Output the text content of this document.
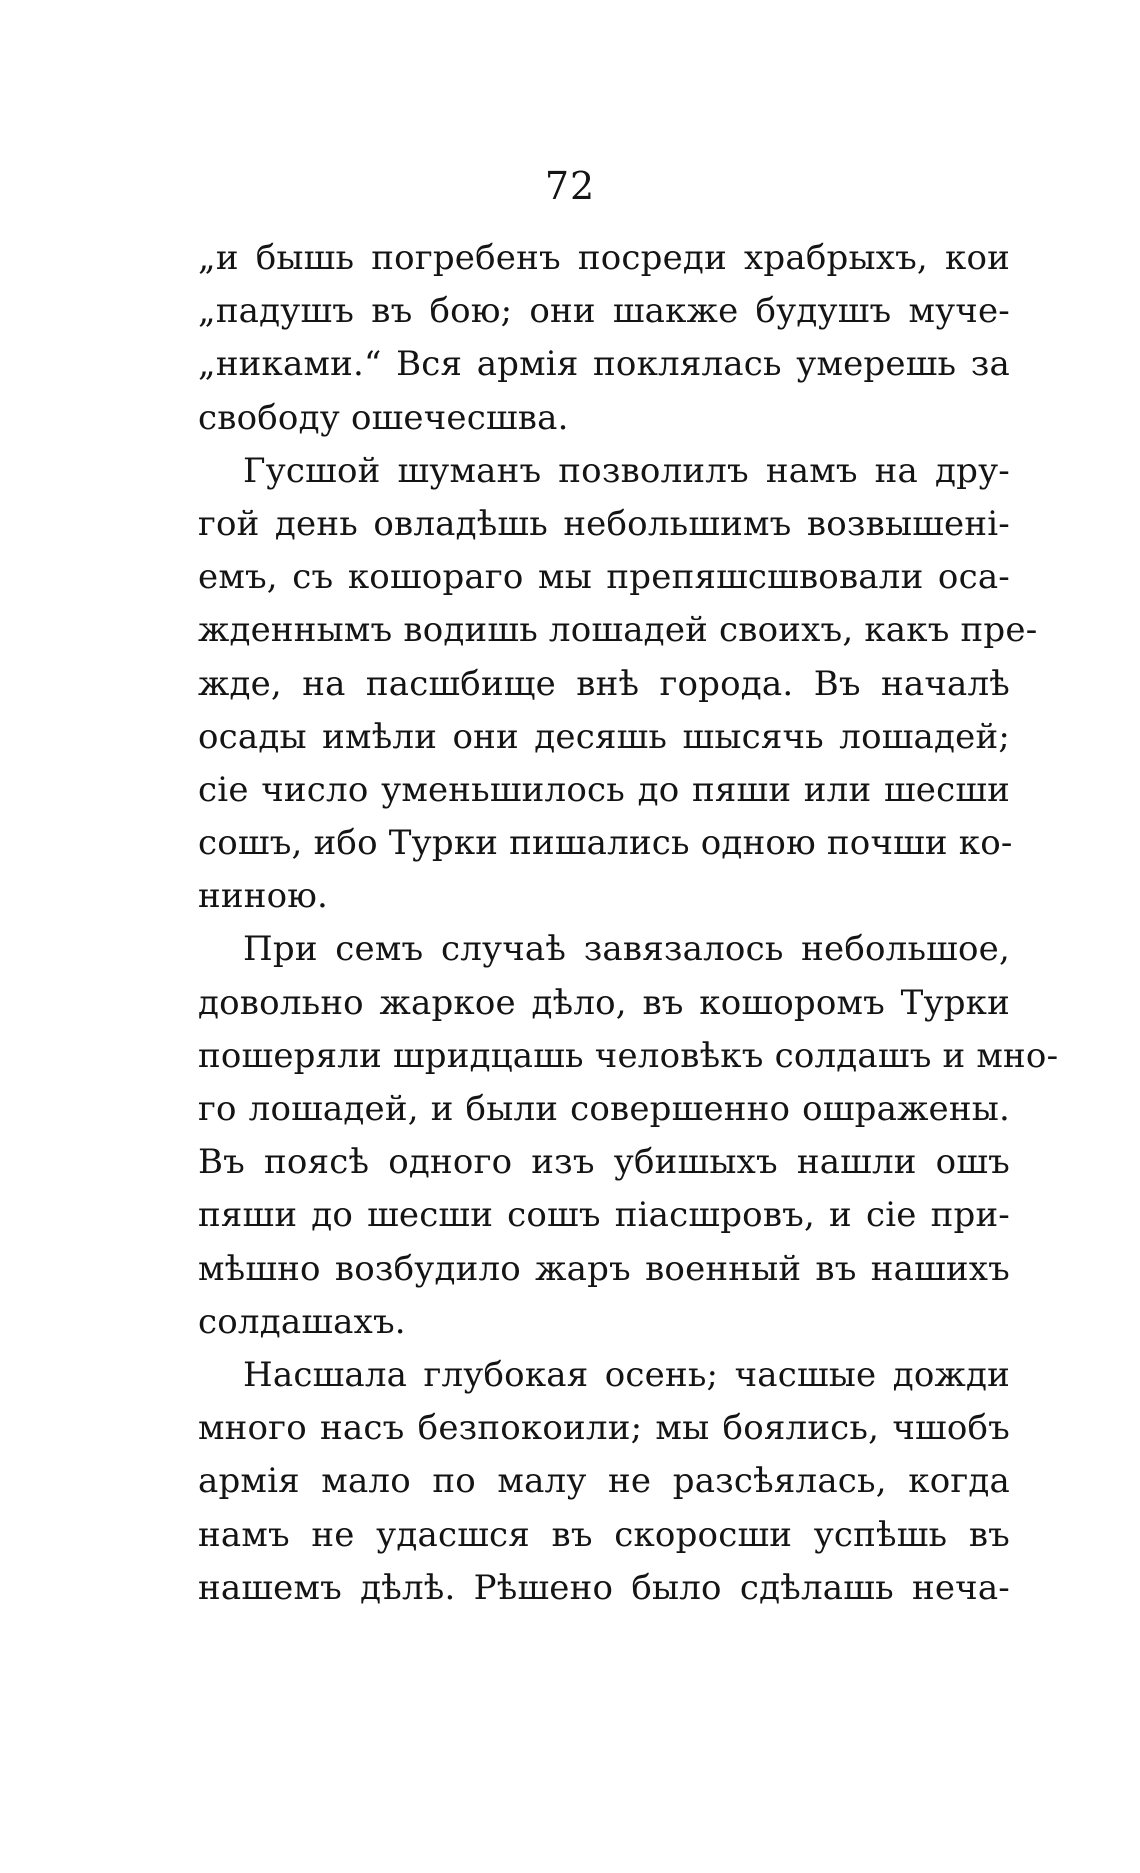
72
„и бышь погребенъ посреди храбрыхъ, кои
„падушъ въ бою; они шакже будушъ муче-
„никами.“ Вся армія поклялась умерешь за
свободу ошечесшва.
Гусшой шуманъ позволилъ намъ на дру-
гой день овладѣшь небольшимъ возвышені-
емъ, съ кошораго мы препяшсшвовали оса-
жденнымъ водишь лошадей своихъ, какъ пре-
жде, на пасшбище внѣ города. Въ началѣ
осады имѣли они десяшь шысячь лошадей;
сіе число уменьшилось до пяши или шесши
сошъ, ибо Турки пишались одною почши ко-
ниною.
При семъ случаѣ завязалось небольшое,
довольно жаркое дѣло, въ кошоромъ Турки
пошеряли шридцашь человѣкъ солдашъ и мно-
го лошадей, и были совершенно ошражены.
Въ поясѣ одного изъ убишыхъ нашли ошъ
пяши до шесши сошъ піасшровъ, и сіе при-
мѣшно возбудило жаръ военный въ нашихъ
солдашахъ.
Насшала глубокая осень; часшые дожди
много насъ безпокоили; мы боялись, чшобъ
армія мало по малу не разсѣялась, когда
намъ не удасшся въ скоросши успѣшь въ
нашемъ дѣлѣ. Рѣшено было сдѣлашь неча-
